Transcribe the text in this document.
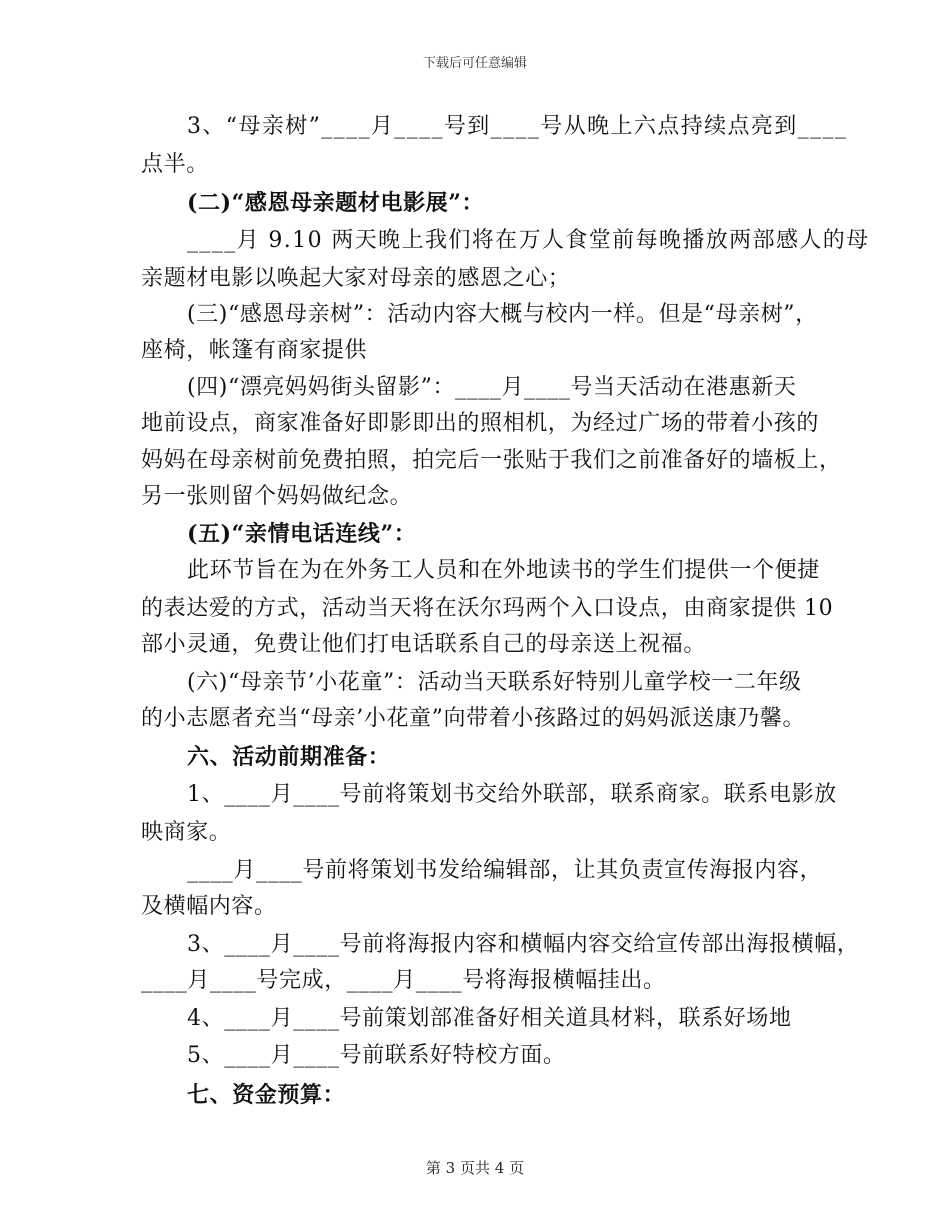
下载后可任意编辑
3、“母亲树”____月____号到____号从晚上六点持续点亮到____
点半。
(二)“感恩母亲题材电影展”：
____月 9.10 两天晚上我们将在万人食堂前每晚播放两部感人的母
亲题材电影以唤起大家对母亲的感恩之心；
(三)“感恩母亲树”：活动内容大概与校内一样。但是“母亲树”，
座椅，帐篷有商家提供
(四)“漂亮妈妈街头留影”：____月____号当天活动在港惠新天
地前设点，商家准备好即影即出的照相机，为经过广场的带着小孩的
妈妈在母亲树前免费拍照，拍完后一张贴于我们之前准备好的墙板上，
另一张则留个妈妈做纪念。
(五)“亲情电话连线”：
此环节旨在为在外务工人员和在外地读书的学生们提供一个便捷
的表达爱的方式，活动当天将在沃尔玛两个入口设点，由商家提供 10
部小灵通，免费让他们打电话联系自己的母亲送上祝福。
(六)“母亲节’小花童”：活动当天联系好特别儿童学校一二年级
的小志愿者充当“母亲’小花童”向带着小孩路过的妈妈派送康乃馨。
六、活动前期准备：
1、____月____号前将策划书交给外联部，联系商家。联系电影放
映商家。
____月____号前将策划书发给编辑部，让其负责宣传海报内容，
及横幅内容。
3、____月____号前将海报内容和横幅内容交给宣传部出海报横幅，
____月____号完成，____月____号将海报横幅挂出。
4、____月____号前策划部准备好相关道具材料，联系好场地
5、____月____号前联系好特校方面。
七、资金预算：
第 3 页共 4 页
